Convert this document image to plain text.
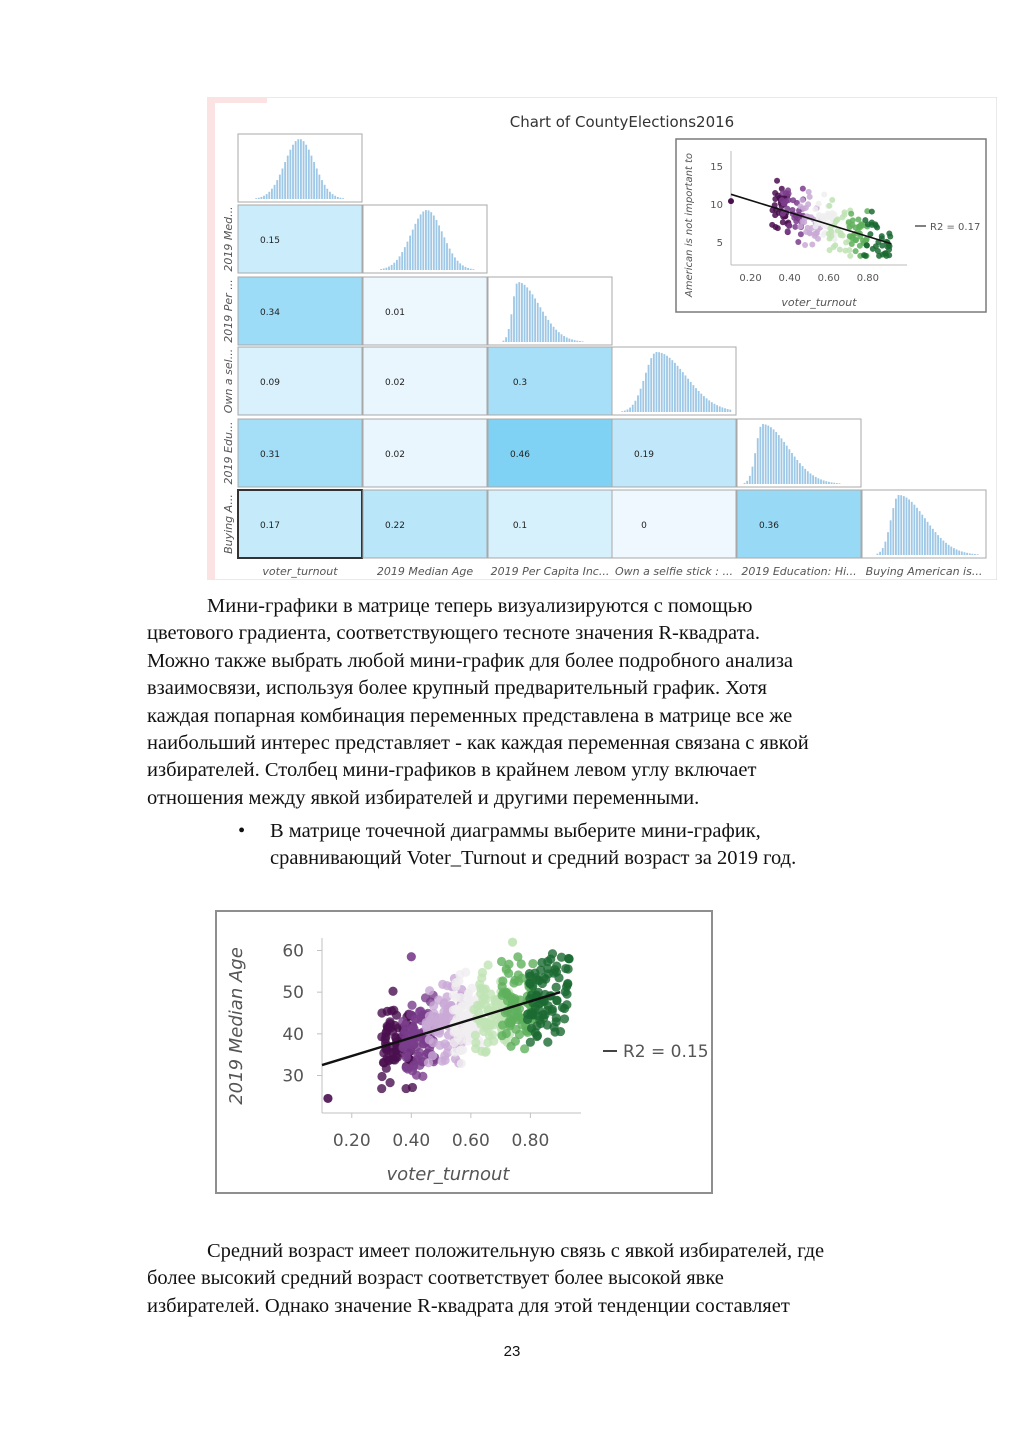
Chart of CountyElections2016
0.15
0.34	0.01
0.09	0.02	0.3
0.31	0.02	0.46	0.19
0.17	0.22	0.1	0	0.36
voter_turnout	2019 Median Age 2019 Per Capita Inc... Own a selfie stick : ... 2019 Education: Hi... Buying American is...
2019 Med...
2019 Per ...
Own a sel...
2019 Edu...
Buying A...
0.20 0.40 0.60 0.80
5
10
15
voter_turnout
American is not important to	R2 = 0.17
0.20 0.40 0.60 0.80
30
40
50
60
voter_turnout
2019 Median Age	R2 = 0.15

Мини-графики в матрице теперь визуализируются с помощью
цветового градиента, соответствующего тесноте значения R-квадрата.
Можно также выбрать любой мини-график для более подробного анализа
взаимосвязи, используя более крупный предварительный график. Хотя
каждая попарная комбинация переменных представлена в матрице все же
наибольший интерес представляет - как каждая переменная связана с явкой
избирателей. Столбец мини-графиков в крайнем левом углу включает
отношения между явкой избирателей и другими переменными.

• В матрице точечной диаграммы выберите мини-график,
сравнивающий Voter_Turnout и средний возраст за 2019 год.

Средний возраст имеет положительную связь с явкой избирателей, где
более высокий средний возраст соответствует более высокой явке
избирателей. Однако значение R-квадрата для этой тенденции составляет

23
